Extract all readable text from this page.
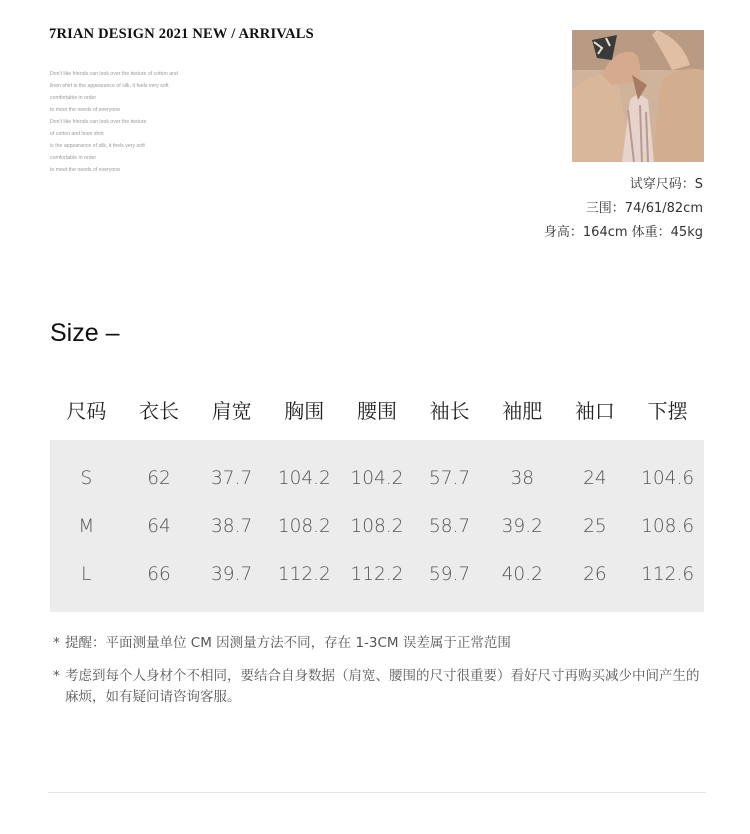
7RIAN DESIGN 2021 NEW / ARRIVALS
Don't like friends can look over the texture of cotton and
linen shirt is the appearance of silk, it feels very soft
comfortable in order
to meet the needs of everyone
Don't like friends can look over the texture
of cotton and linen shirt
is the appearance of silk, it feels very soft
comfortable in order
to meet the needs of everyone
试穿尺码：S
三围：74/61/82cm
身高：164cm 体重：45kg
Size –
尺码	衣长	肩宽	胸围	腰围	袖长	袖肥	袖口	下摆
S	62	37.7	104.2	104.2	57.7	38	24	104.6
M	64	38.7	108.2	108.2	58.7	39.2	25	108.6
L	66	39.7	112.2	112.2	59.7	40.2	26	112.6
* 提醒：平面测量单位 CM 因测量方法不同，存在 1-3CM 误差属于正常范围
* 考虑到每个人身材个不相同，要结合自身数据（肩宽、腰围的尺寸很重要）看好尺寸再购买减少中间产生的麻烦，如有疑问请咨询客服。
